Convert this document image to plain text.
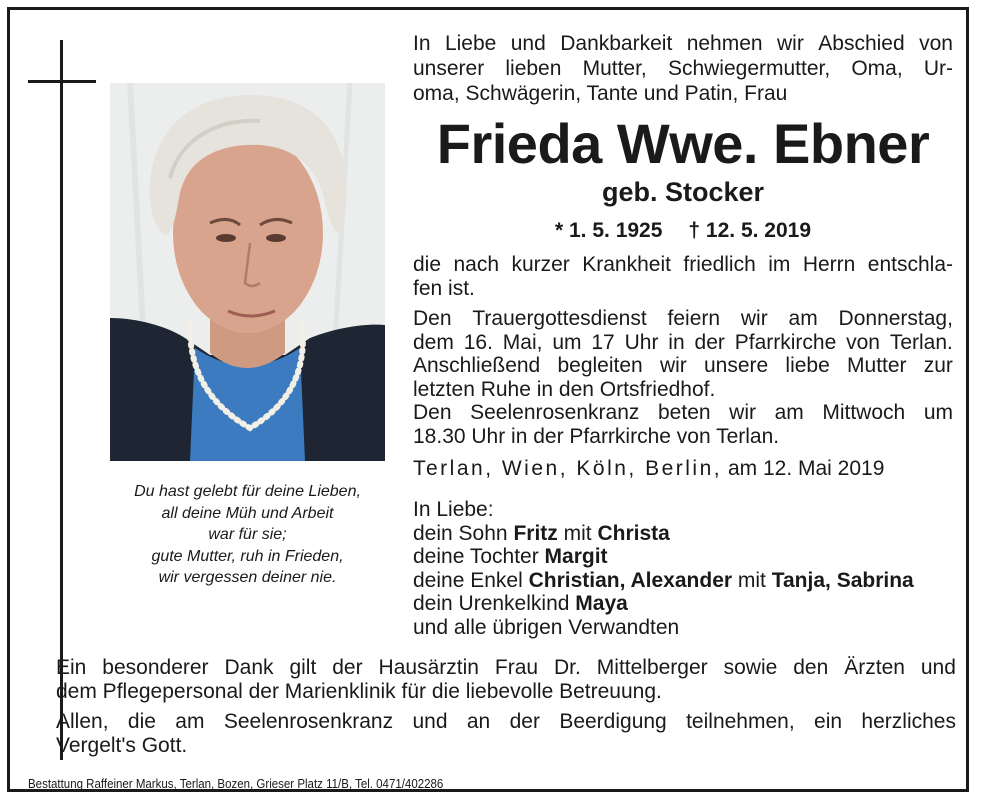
Du hast gelebt für deine Lieben,
all deine Müh und Arbeit
war für sie;
gute Mutter, ruh in Frieden,
wir vergessen deiner nie.
In Liebe und Dankbarkeit nehmen wir Abschied von
unserer lieben Mutter, Schwiegermutter, Oma, Ur-
oma, Schwägerin, Tante und Patin, Frau
Frieda Wwe. Ebner
geb. Stocker
* 1. 5. 1925 † 12. 5. 2019
die nach kurzer Krankheit friedlich im Herrn entschla-
fen ist.
Den Trauergottesdienst feiern wir am Donnerstag,
dem 16. Mai, um 17 Uhr in der Pfarrkirche von Terlan.
Anschließend begleiten wir unsere liebe Mutter zur
letzten Ruhe in den Ortsfriedhof.
Den Seelenrosenkranz beten wir am Mittwoch um
18.30 Uhr in der Pfarrkirche von Terlan.
Terlan, Wien, Köln, Berlin, am 12. Mai 2019
In Liebe:
dein Sohn Fritz mit Christa
deine Tochter Margit
deine Enkel Christian, Alexander mit Tanja, Sabrina
dein Urenkelkind Maya
und alle übrigen Verwandten
Ein besonderer Dank gilt der Hausärztin Frau Dr. Mittelberger sowie den Ärzten und
dem Pflegepersonal der Marienklinik für die liebevolle Betreuung.
Allen, die am Seelenrosenkranz und an der Beerdigung teilnehmen, ein herzliches
Vergelt's Gott.
Bestattung Raffeiner Markus, Terlan, Bozen, Grieser Platz 11/B, Tel. 0471/402286
